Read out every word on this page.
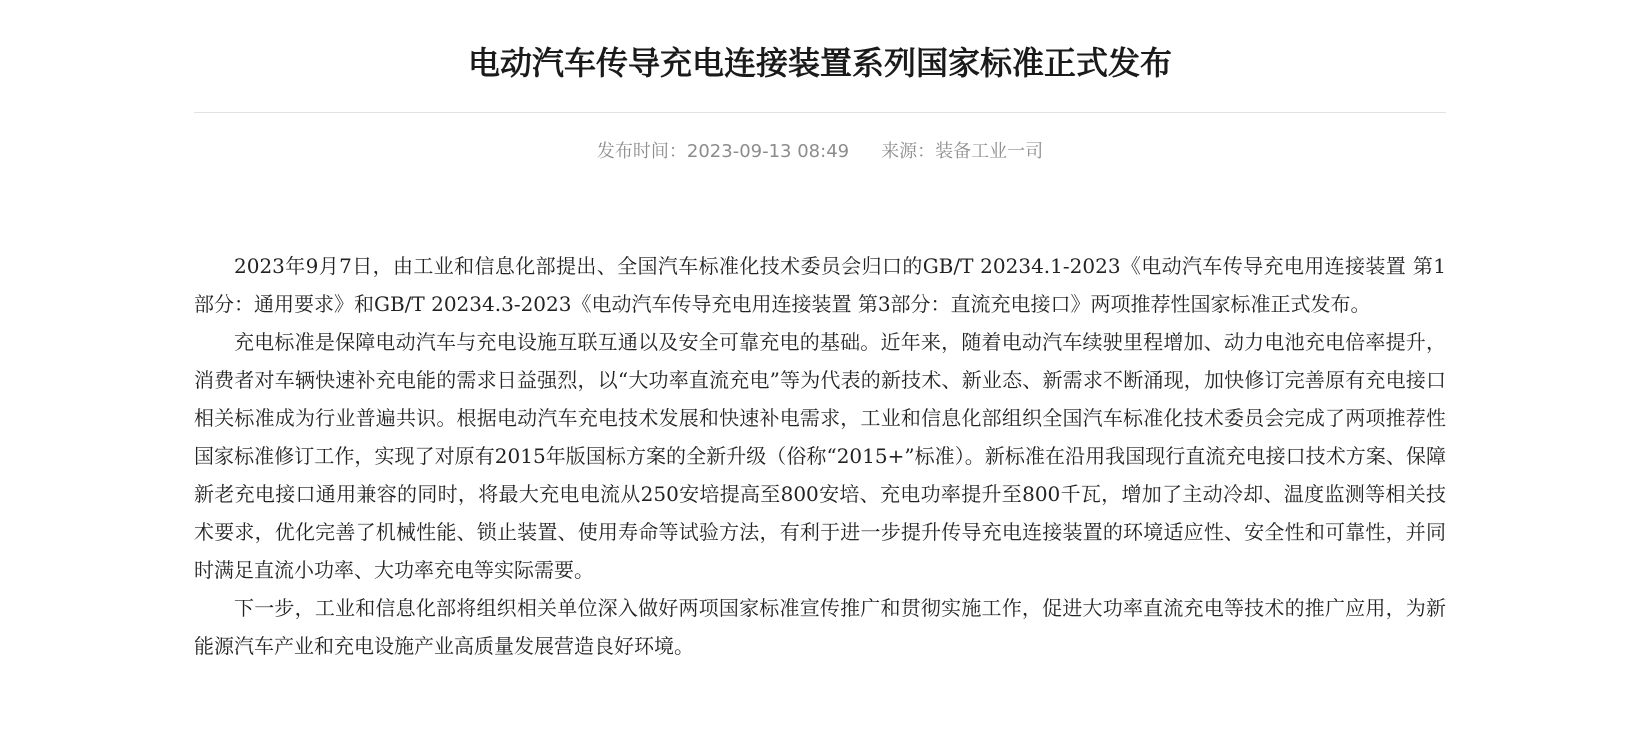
电动汽车传导充电连接装置系列国家标准正式发布
发布时间：2023-09-13 08:49 来源：装备工业一司

2023年9月7日，由工业和信息化部提出、全国汽车标准化技术委员会归口的GB/T 20234.1-2023《电动汽车传导充电用连接装置 第1部分：通用要求》和GB/T 20234.3-2023《电动汽车传导充电用连接装置 第3部分：直流充电接口》两项推荐性国家标准正式发布。

充电标准是保障电动汽车与充电设施互联互通以及安全可靠充电的基础。近年来，随着电动汽车续驶里程增加、动力电池充电倍率提升，消费者对车辆快速补充电能的需求日益强烈，以“大功率直流充电”等为代表的新技术、新业态、新需求不断涌现，加快修订完善原有充电接口相关标准成为行业普遍共识。根据电动汽车充电技术发展和快速补电需求，工业和信息化部组织全国汽车标准化技术委员会完成了两项推荐性国家标准修订工作，实现了对原有2015年版国标方案的全新升级（俗称“2015+”标准）。新标准在沿用我国现行直流充电接口技术方案、保障新老充电接口通用兼容的同时，将最大充电电流从250安培提高至800安培、充电功率提升至800千瓦，增加了主动冷却、温度监测等相关技术要求，优化完善了机械性能、锁止装置、使用寿命等试验方法，有利于进一步提升传导充电连接装置的环境适应性、安全性和可靠性，并同时满足直流小功率、大功率充电等实际需要。

下一步，工业和信息化部将组织相关单位深入做好两项国家标准宣传推广和贯彻实施工作，促进大功率直流充电等技术的推广应用，为新能源汽车产业和充电设施产业高质量发展营造良好环境。
